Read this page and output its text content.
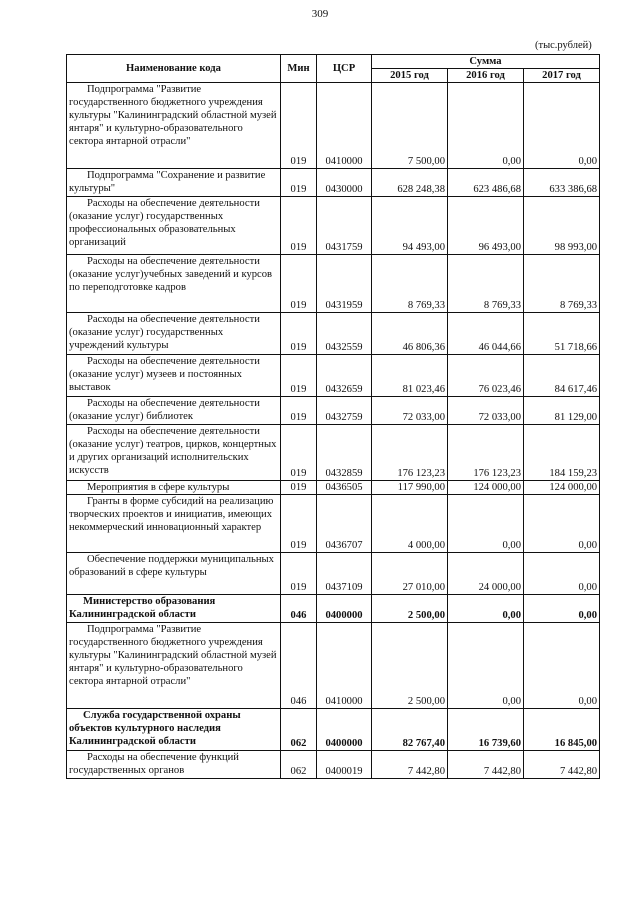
309
(тыс.рублей)
Наименование кода	Мин	ЦСР	Сумма		
			2015 год	2016 год	2017 год

Подпрограмма "Развитие государственного бюджетного учреждения культуры "Калининградский областной музей янтаря" и культурно-образовательного сектора янтарной отрасли"	019	0410000	7 500,00	0,00	0,00

Подпрограмма "Сохранение и развитие культуры"	019	0430000	628 248,38	623 486,68	633 386,68

Расходы на обеспечение деятельности (оказание услуг) государственных профессиональных образовательных организаций	019	0431759	94 493,00	96 493,00	98 993,00

Расходы на обеспечение деятельности (оказание услуг)учебных заведений и курсов по переподготовке кадров	019	0431959	8 769,33	8 769,33	8 769,33

Расходы на обеспечение деятельности (оказание услуг) государственных учреждений культуры	019	0432559	46 806,36	46 044,66	51 718,66

Расходы на обеспечение деятельности (оказание услуг) музеев и постоянных выставок	019	0432659	81 023,46	76 023,46	84 617,46

Расходы на обеспечение деятельности (оказание услуг) библиотек	019	0432759	72 033,00	72 033,00	81 129,00

Расходы на обеспечение деятельности (оказание услуг) театров, цирков, концертных и других организаций исполнительских искусств	019	0432859	176 123,23	176 123,23	184 159,23

Мероприятия в сфере культуры	019	0436505	117 990,00	124 000,00	124 000,00

Гранты в форме субсидий на реализацию творческих проектов и инициатив, имеющих некоммерческий инновационный характер	019	0436707	4 000,00	0,00	0,00

Обеспечение поддержки муниципальных образований в сфере культуры	019	0437109	27 010,00	24 000,00	0,00

Министерство образования Калининградской области	046	0400000	2 500,00	0,00	0,00

Подпрограмма "Развитие государственного бюджетного учреждения культуры "Калининградский областной музей янтаря" и культурно-образовательного сектора янтарной отрасли"	046	0410000	2 500,00	0,00	0,00

Служба государственной охраны объектов культурного наследия Калининградской области	062	0400000	82 767,40	16 739,60	16 845,00

Расходы на обеспечение функций государственных органов	062	0400019	7 442,80	7 442,80	7 442,80
